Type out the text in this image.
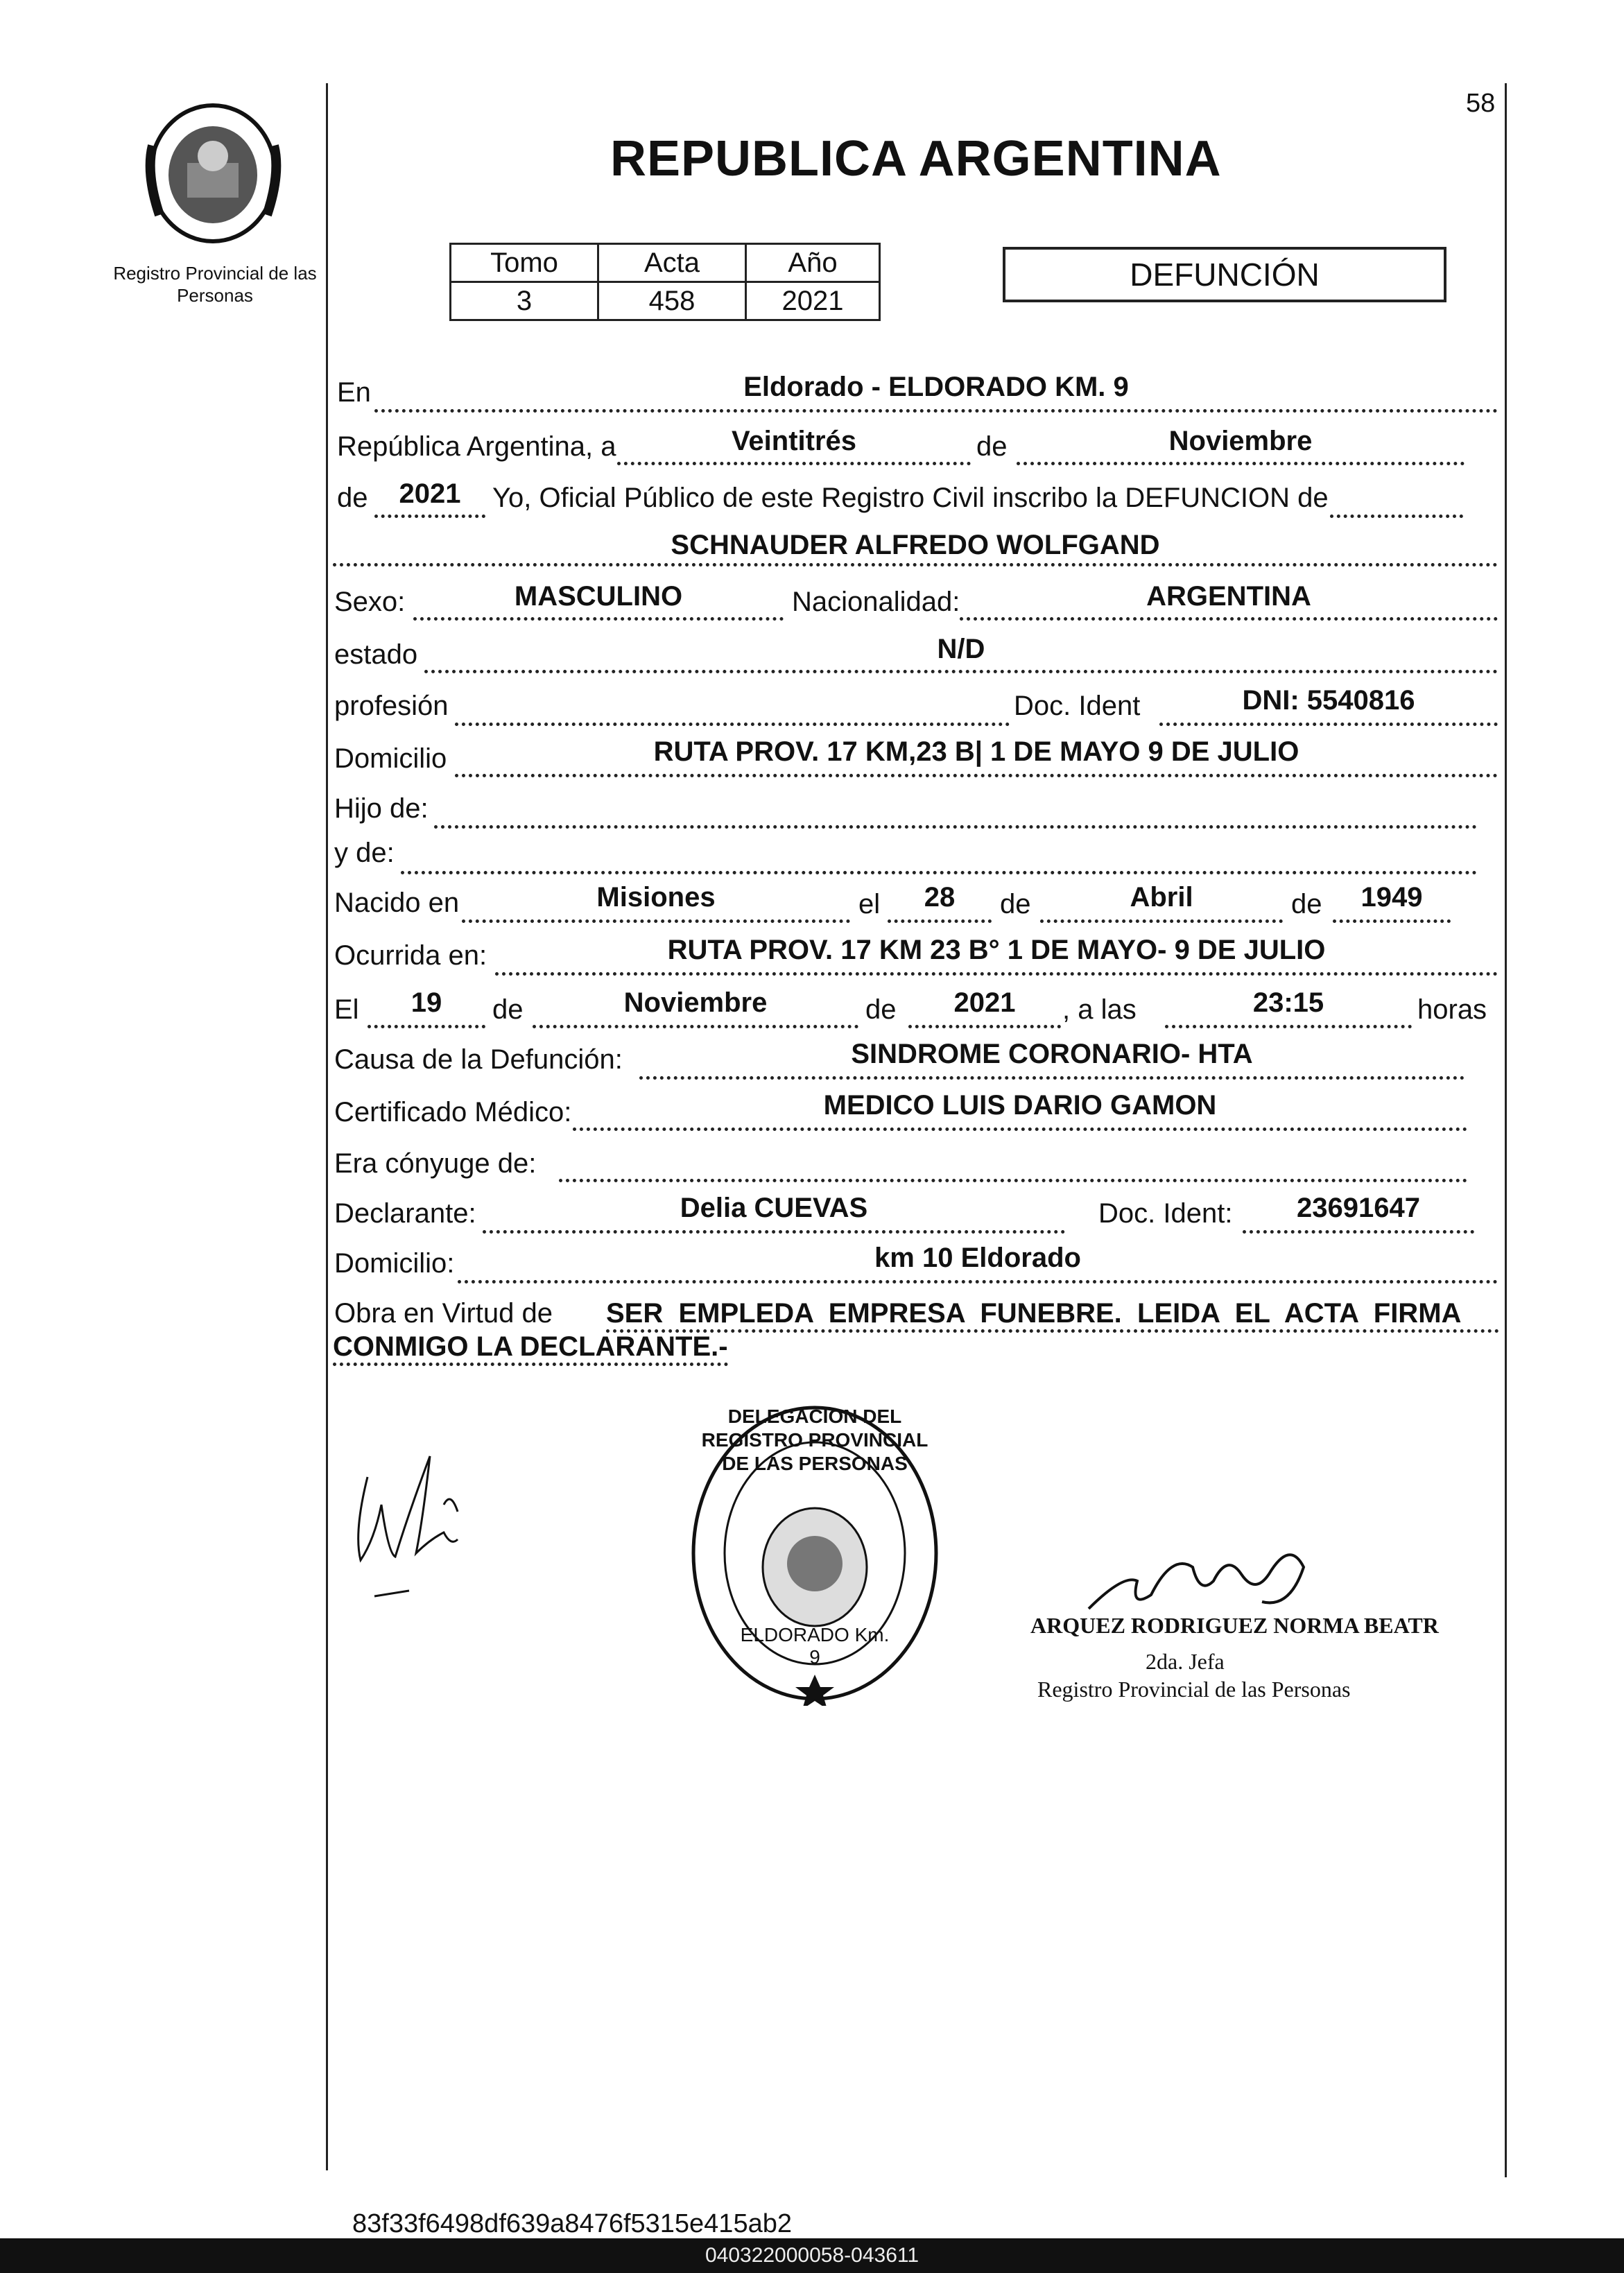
58
Registro Provincial de las Personas
REPUBLICA ARGENTINA
Tomo	Acta	Año
3	458	2021
DEFUNCIÓN
En	Eldorado - ELDORADO KM. 9
República Argentina, a	Veintitrés	de	Noviembre
de	2021	Yo, Oficial Público de este Registro Civil inscribo la DEFUNCION de
SCHNAUDER ALFREDO WOLFGAND
Sexo:	MASCULINO	Nacionalidad:	ARGENTINA
estado	N/D
profesión	Doc. Ident	DNI: 5540816
Domicilio	RUTA PROV. 17 KM,23 B| 1 DE MAYO 9 DE JULIO
Hijo de:
y de:
Nacido en	Misiones	el	28	de	Abril	de	1949
Ocurrida en:	RUTA PROV. 17 KM 23 B° 1 DE MAYO- 9 DE JULIO
El	19	de	Noviembre	de	2021	, a las	23:15	horas
Causa de la Defunción:	SINDROME CORONARIO- HTA
Certificado Médico:	MEDICO LUIS DARIO GAMON
Era cónyuge de:
Declarante:	Delia CUEVAS	Doc. Ident:	23691647
Domicilio:	km 10 Eldorado
Obra en Virtud de SER  EMPLEDA  EMPRESA  FUNEBRE.  LEIDA  EL  ACTA  FIRMA
CONMIGO LA DECLARANTE.-
DELEGACION DEL REGISTRO PROVINCIAL DE LAS PERSONAS
ELDORADO Km. 9
ARQUEZ RODRIGUEZ NORMA BEATR
2da. Jefa
Registro Provincial de las Personas
83f33f6498df639a8476f5315e415ab2
040322000058-043611
